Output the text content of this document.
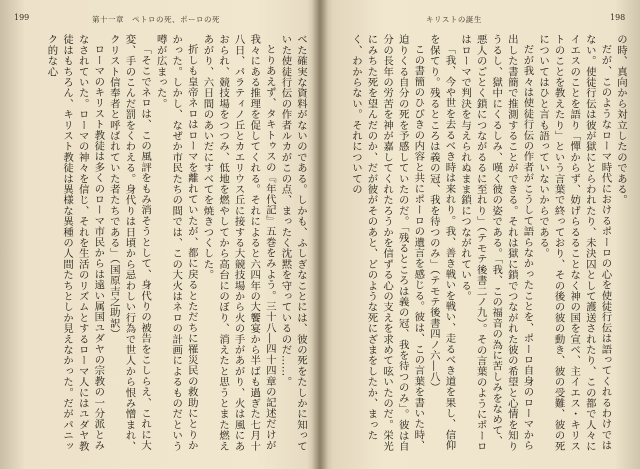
199	第十一章　ペトロの死、ポーロの死

べた確実な資料がないのである。しかも、ふしぎなことには、彼の死をたしかに知っていた使徒行伝の作者ルカがこの点、まったく沈黙を守っているのだ……。

とりあえず、タキトゥスの『年代記』五巻をみよう。三十八―四十四章の記述だけが我々にある推理を促してくれる。それによると六四年の大饗宴から半ばも過ぎた七月十八日、パラティノ丘とカエリウス丘に接する大競技場から火の手があがり、火は風にあおられ、競技場をつつみ、低地を燃やしてから高台にのぼり、消えたと思うとまた燃えあがり、六日間のあいだにすべてを焼きつくした。

折しも皇帝ネロはローマを離れていたが、都に戻るとただちに罹災民の救助にとりかかった。しかし、なぜか市民たちの間では、この大火はネロの計画によるものだという噂が広まった。

「そこでネロは、この風評をもみ消そうとして、身代りの被告をこしらえ、これに大変、手のこんだ罰をくわえる。身代りは日頃から忌わしい行為で世人から恨み憎まれ、クリスト信奉者と呼ばれていた者たちである」（国原吉之助訳）

ローマのキリスト教徒は多くのローマ市民からは遠い属国ユダヤの宗教の一分派とみなされていた。ローマの神々を信じ、それを生活のリズムとするローマ人にはユダヤ教徒はもちろん、キリスト教徒は異様な異種の人間たちとしか見えなかった。だがパニック的な心

キリストの誕生	198

の時、真向から対立したのである。

だが、このようなローマ時代におけるポーロの心を使徒行伝は語ってくれるわけではない。使徒行伝は彼が獄にとらわれたり、未決囚として護送されたり、この都で人々にイエスのことを語り「憚からず、妨げらるることなく神の国を宣べ、主イエス・キリストのことを教えたり」という言葉で終っており、その後の彼の動き、彼の受難、彼の死についてはひと言も語っていないからである。

だが我々は使徒行伝の作者がこうして語らなかったことを、ポーロ自身のローマから出した書簡で推測することができる。それは獄に鎖でつながれた彼の希望と心情を知りうるし、獄中にくるしみ、嘆く彼の姿である。「我、この福音の為に苦しみをなめて、悪人のごとく鎖につながるるに至れり」（テモテ後書二ノ九）。その言葉のようにポーロはローマで判決を与えられぬまま鎖につながれている。

「我、今や世を去るべき時は来れり。我、善き戦いを戦い、走るべき道を果し、信仰を保てり。残るところは義の冠、我を待つのみ」（テモテ後書四ノ六―八）

この書簡のひびきの内容と共にポーロの遺言を感じる。彼は、この言葉を書いた時、迫りくる自分の死を予感していたのだ。「残るところは義の冠、我を待つのみ」。彼は自分の長年の労苦を神が嘉してくれたろうかを信ずる心の支えを求めて呟いたのだ。栄光にみちた死を望んだのか、だが彼がそのあと、どのような死にざまをしたか、まったく、わからない。それについての
